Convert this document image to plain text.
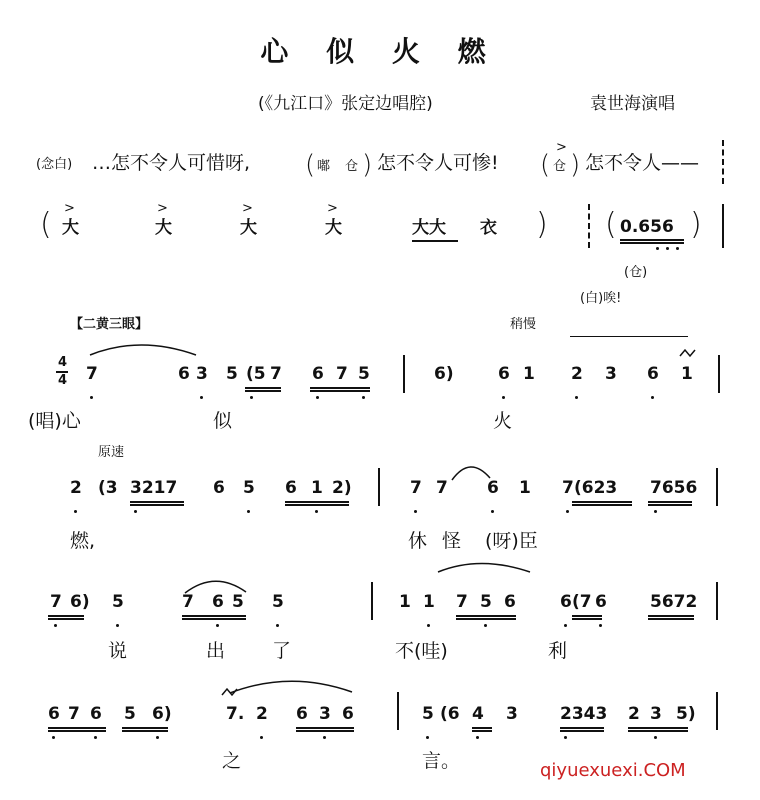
心 似 火 燃
(《九江口》张定边唱腔)	袁世海演唱
(念白) …怎不令人可惜呀, ( 嘟 仓 ) 怎不令人可惨! (
>
仓 ) 怎不令人——
( 大
>
大
>
大
>
大
>
大大 衣 ) ( 0.656 )
(仓)
(白)唉!
【二黄三眼】	稍慢
原速
4
4 7	6 3 5 (5 7 6 7 5	6)	6 1 2 3 6 1
(唱)心	似	火
2 (3 3217 6 5 6 1 2)	7 7 6 1 7 (623 7656
燃,	休 怪 (呀)臣
7 6) 5	7 6 5 5	1 1 7 5 6	6 (7 6	5672
说	出 了	不(哇)	利
6 7 6 5 6)	7. 2 6 3 6	5 (6 4 3 2343 2 3 5)
之	言。	qiyuexuexi.COM
